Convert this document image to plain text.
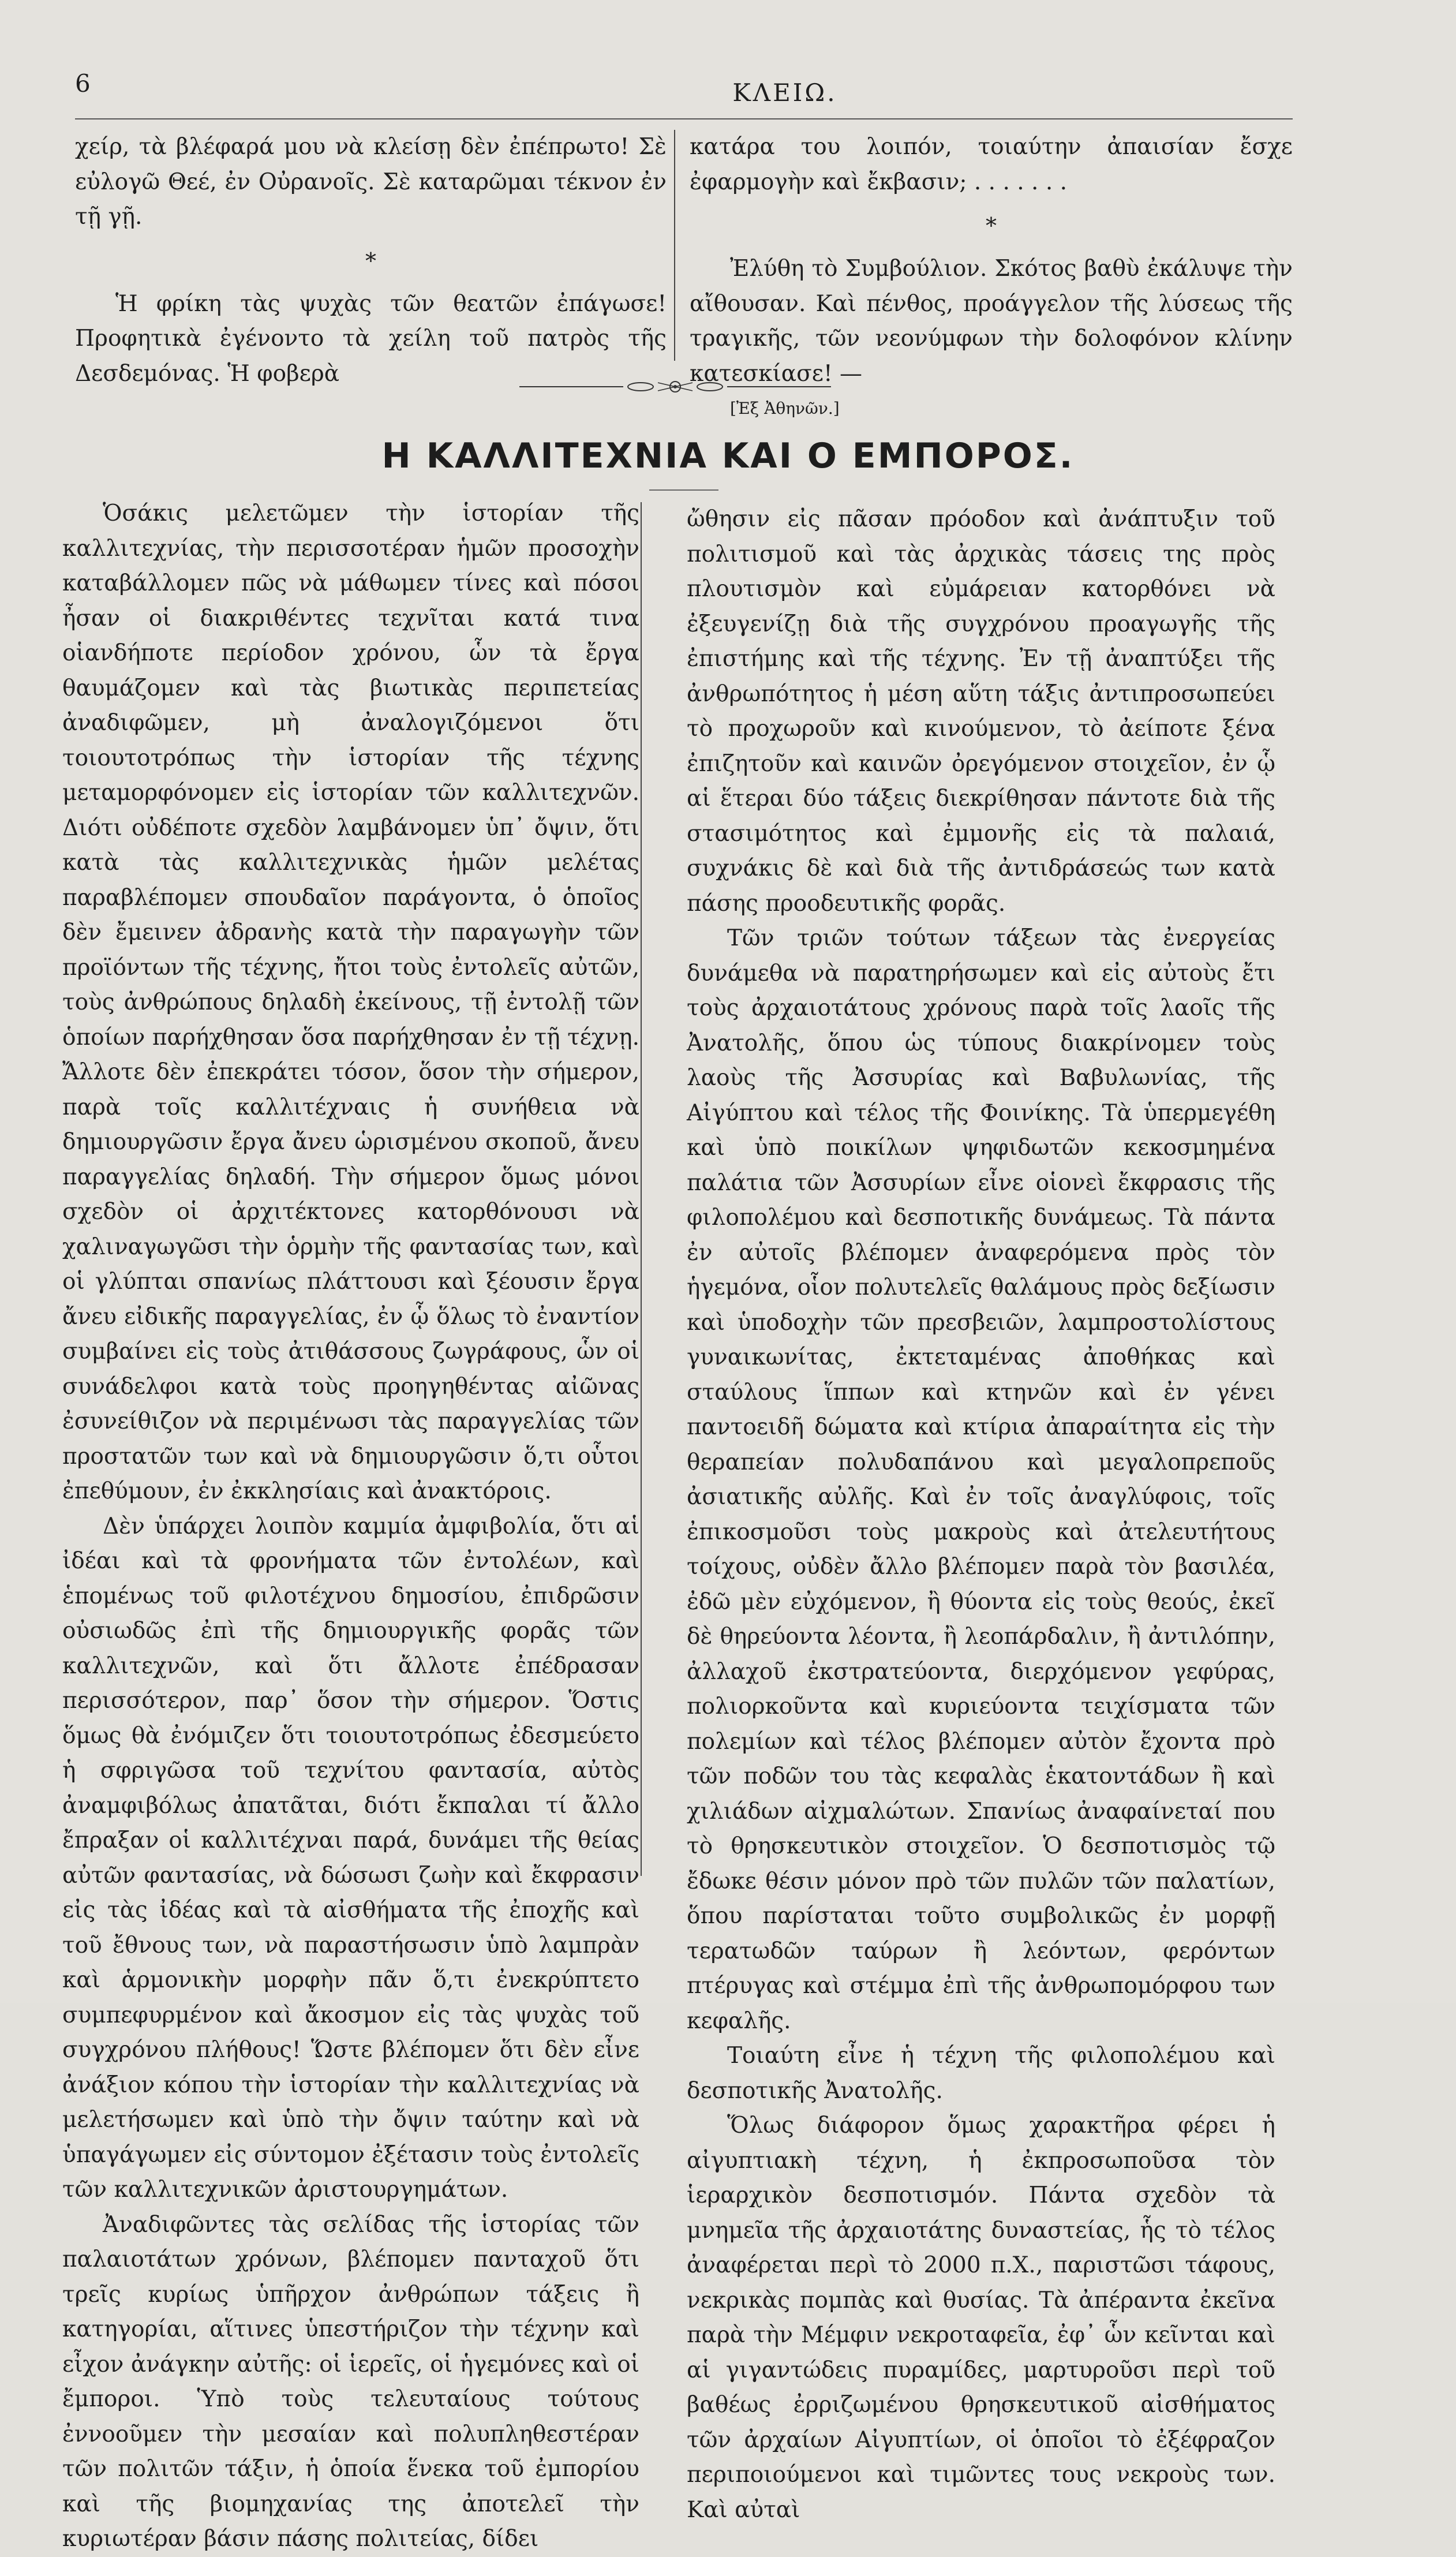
6	ΚΛΕΙΩ.

χείρ, τὰ βλέφαρά μου νὰ κλείσῃ δὲν ἐπέπρωτο! Σὲ εὐλογῶ Θεέ, ἐν Οὐρανοῖς. Σὲ καταρῶμαι τέκνον ἐν τῇ γῇ.

*

Ἡ φρίκη τὰς ψυχὰς τῶν θεατῶν ἐπάγωσε! Προφητικὰ ἐγένοντο τὰ χείλη τοῦ πατρὸς τῆς Δεσδεμόνας. Ἡ φοβερὰ

κατάρα του λοιπόν, τοιαύτην ἀπαισίαν ἔσχε ἐφαρμογὴν καὶ ἔκβασιν; . . . . . . .

*

Ἐλύθη τὸ Συμβούλιον. Σκότος βαθὺ ἐκάλυψε τὴν αἴθουσαν. Καὶ πένθος, προάγγελον τῆς λύσεως τῆς τραγικῆς, τῶν νεονύμφων τὴν δολοφόνον κλίνην κατεσκίασε! —

[Ἐξ Ἀθηνῶν.]
Η ΚΑΛΛΙΤΕΧΝΙΑ ΚΑΙ Ο ΕΜΠΟΡΟΣ.

Ὁσάκις μελετῶμεν τὴν ἱστορίαν τῆς καλλιτεχνίας, τὴν περισσοτέραν ἡμῶν προσοχὴν καταβάλλομεν πῶς νὰ μάθωμεν τίνες καὶ πόσοι ἦσαν οἱ διακριθέντες τεχνῖται κατά τινα οἱανδήποτε περίοδον χρόνου, ὧν τὰ ἔργα θαυμάζομεν καὶ τὰς βιωτικὰς περιπετείας ἀναδιφῶμεν, μὴ ἀναλογιζόμενοι ὅτι τοιουτοτρόπως τὴν ἱστορίαν τῆς τέχνης μεταμορφόνομεν εἰς ἱστορίαν τῶν καλλιτεχνῶν. Διότι οὐδέποτε σχεδὸν λαμβάνομεν ὑπ᾽ ὄψιν, ὅτι κατὰ τὰς καλλιτεχνικὰς ἡμῶν μελέτας παραβλέπομεν σπουδαῖον παράγοντα, ὁ ὁποῖος δὲν ἔμεινεν ἀδρανὴς κατὰ τὴν παραγωγὴν τῶν προϊόντων τῆς τέχνης, ἤτοι τοὺς ἐντολεῖς αὐτῶν, τοὺς ἀνθρώπους δηλαδὴ ἐκείνους, τῇ ἐντολῇ τῶν ὁποίων παρήχθησαν ὅσα παρήχθησαν ἐν τῇ τέχνῃ. Ἄλλοτε δὲν ἐπεκράτει τόσον, ὅσον τὴν σήμερον, παρὰ τοῖς καλλιτέχναις ἡ συνήθεια νὰ δημιουργῶσιν ἔργα ἄνευ ὡρισμένου σκοποῦ, ἄνευ παραγγελίας δηλαδή. Τὴν σήμερον ὅμως μόνοι σχεδὸν οἱ ἀρχιτέκτονες κατορθόνουσι νὰ χαλιναγωγῶσι τὴν ὁρμὴν τῆς φαντασίας των, καὶ οἱ γλύπται σπανίως πλάττουσι καὶ ξέουσιν ἔργα ἄνευ εἰδικῆς παραγγελίας, ἐν ᾧ ὅλως τὸ ἐναντίον συμβαίνει εἰς τοὺς ἀτιθάσσους ζωγράφους, ὧν οἱ συνάδελφοι κατὰ τοὺς προηγηθέντας αἰῶνας ἐσυνείθιζον νὰ περιμένωσι τὰς παραγγελίας τῶν προστατῶν των καὶ νὰ δημιουργῶσιν ὅ,τι οὗτοι ἐπεθύμουν, ἐν ἐκκλησίαις καὶ ἀνακτόροις.

Δὲν ὑπάρχει λοιπὸν καμμία ἀμφιβολία, ὅτι αἱ ἰδέαι καὶ τὰ φρονήματα τῶν ἐντολέων, καὶ ἑπομένως τοῦ φιλοτέχνου δημοσίου, ἐπιδρῶσιν οὐσιωδῶς ἐπὶ τῆς δημιουργικῆς φορᾶς τῶν καλλιτεχνῶν, καὶ ὅτι ἄλλοτε ἐπέδρασαν περισσότερον, παρ᾽ ὅσον τὴν σήμερον. Ὅστις ὅμως θὰ ἐνόμιζεν ὅτι τοιουτοτρόπως ἐδεσμεύετο ἡ σφριγῶσα τοῦ τεχνίτου φαντασία, αὐτὸς ἀναμφιβόλως ἀπατᾶται, διότι ἔκπαλαι τί ἄλλο ἔπραξαν οἱ καλλιτέχναι παρά, δυνάμει τῆς θείας αὐτῶν φαντασίας, νὰ δώσωσι ζωὴν καὶ ἔκφρασιν εἰς τὰς ἰδέας καὶ τὰ αἰσθήματα τῆς ἐποχῆς καὶ τοῦ ἔθνους των, νὰ παραστήσωσιν ὑπὸ λαμπρὰν καὶ ἁρμονικὴν μορφὴν πᾶν ὅ,τι ἐνεκρύπτετο συμπεφυρμένον καὶ ἄκοσμον εἰς τὰς ψυχὰς τοῦ συγχρόνου πλήθους! Ὥστε βλέπομεν ὅτι δὲν εἶνε ἀνάξιον κόπου τὴν ἱστορίαν τὴν καλλιτεχνίας νὰ μελετήσωμεν καὶ ὑπὸ τὴν ὄψιν ταύτην καὶ νὰ ὑπαγάγωμεν εἰς σύντομον ἐξέτασιν τοὺς ἐντολεῖς τῶν καλλιτεχνικῶν ἀριστουργημάτων.

Ἀναδιφῶντες τὰς σελίδας τῆς ἱστορίας τῶν παλαιοτάτων χρόνων, βλέπομεν πανταχοῦ ὅτι τρεῖς κυρίως ὑπῆρχον ἀνθρώπων τάξεις ἢ κατηγορίαι, αἵτινες ὑπεστήριζον τὴν τέχνην καὶ εἶχον ἀνάγκην αὐτῆς: οἱ ἱερεῖς, οἱ ἡγεμόνες καὶ οἱ ἔμποροι. Ὑπὸ τοὺς τελευταίους τούτους ἐννοοῦμεν τὴν μεσαίαν καὶ πολυπληθεστέραν τῶν πολιτῶν τάξιν, ἡ ὁποία ἕνεκα τοῦ ἐμπορίου καὶ τῆς βιομηχανίας της ἀποτελεῖ τὴν κυριωτέραν βάσιν πάσης πολιτείας, δίδει

ὤθησιν εἰς πᾶσαν πρόοδον καὶ ἀνάπτυξιν τοῦ πολιτισμοῦ καὶ τὰς ἀρχικὰς τάσεις της πρὸς πλουτισμὸν καὶ εὐμάρειαν κατορθόνει νὰ ἐξευγενίζῃ διὰ τῆς συγχρόνου προαγωγῆς τῆς ἐπιστήμης καὶ τῆς τέχνης. Ἐν τῇ ἀναπτύξει τῆς ἀνθρωπότητος ἡ μέση αὕτη τάξις ἀντιπροσωπεύει τὸ προχωροῦν καὶ κινούμενον, τὸ ἀείποτε ξένα ἐπιζητοῦν καὶ καινῶν ὀρεγόμενον στοιχεῖον, ἐν ᾧ αἱ ἕτεραι δύο τάξεις διεκρίθησαν πάντοτε διὰ τῆς στασιμότητος καὶ ἐμμονῆς εἰς τὰ παλαιά, συχνάκις δὲ καὶ διὰ τῆς ἀντιδράσεώς των κατὰ πάσης προοδευτικῆς φορᾶς.

Τῶν τριῶν τούτων τάξεων τὰς ἐνεργείας δυνάμεθα νὰ παρατηρήσωμεν καὶ εἰς αὐτοὺς ἔτι τοὺς ἀρχαιοτάτους χρόνους παρὰ τοῖς λαοῖς τῆς Ἀνατολῆς, ὅπου ὡς τύπους διακρίνομεν τοὺς λαοὺς τῆς Ἀσσυρίας καὶ Βαβυλωνίας, τῆς Αἰγύπτου καὶ τέλος τῆς Φοινίκης. Τὰ ὑπερμεγέθη καὶ ὑπὸ ποικίλων ψηφιδωτῶν κεκοσμημένα παλάτια τῶν Ἀσσυρίων εἶνε οἱονεὶ ἔκφρασις τῆς φιλοπολέμου καὶ δεσποτικῆς δυνάμεως. Τὰ πάντα ἐν αὐτοῖς βλέπομεν ἀναφερόμενα πρὸς τὸν ἡγεμόνα, οἷον πολυτελεῖς θαλάμους πρὸς δεξίωσιν καὶ ὑποδοχὴν τῶν πρεσβειῶν, λαμπροστολίστους γυναικωνίτας, ἐκτεταμένας ἀποθήκας καὶ σταύλους ἵππων καὶ κτηνῶν καὶ ἐν γένει παντοειδῆ δώματα καὶ κτίρια ἀπαραίτητα εἰς τὴν θεραπείαν πολυδαπάνου καὶ μεγαλοπρεποῦς ἀσιατικῆς αὐλῆς. Καὶ ἐν τοῖς ἀναγλύφοις, τοῖς ἐπικοσμοῦσι τοὺς μακροὺς καὶ ἀτελευτήτους τοίχους, οὐδὲν ἄλλο βλέπομεν παρὰ τὸν βασιλέα, ἐδῶ μὲν εὐχόμενον, ἢ θύοντα εἰς τοὺς θεούς, ἐκεῖ δὲ θηρεύοντα λέοντα, ἢ λεοπάρδαλιν, ἢ ἀντιλόπην, ἀλλαχοῦ ἐκστρατεύοντα, διερχόμενον γεφύρας, πολιορκοῦντα καὶ κυριεύοντα τειχίσματα τῶν πολεμίων καὶ τέλος βλέπομεν αὐτὸν ἔχοντα πρὸ τῶν ποδῶν του τὰς κεφαλὰς ἑκατοντάδων ἢ καὶ χιλιάδων αἰχμαλώτων. Σπανίως ἀναφαίνεταί που τὸ θρησκευτικὸν στοιχεῖον. Ὁ δεσποτισμὸς τῷ ἔδωκε θέσιν μόνον πρὸ τῶν πυλῶν τῶν παλατίων, ὅπου παρίσταται τοῦτο συμβολικῶς ἐν μορφῇ τερατωδῶν ταύρων ἢ λεόντων, φερόντων πτέρυγας καὶ στέμμα ἐπὶ τῆς ἀνθρωπομόρφου των κεφαλῆς.

Τοιαύτη εἶνε ἡ τέχνη τῆς φιλοπολέμου καὶ δεσποτικῆς Ἀνατολῆς.

Ὅλως διάφορον ὅμως χαρακτῆρα φέρει ἡ αἰγυπτιακὴ τέχνη, ἡ ἐκπροσωποῦσα τὸν ἱεραρχικὸν δεσποτισμόν. Πάντα σχεδὸν τὰ μνημεῖα τῆς ἀρχαιοτάτης δυναστείας, ἧς τὸ τέλος ἀναφέρεται περὶ τὸ 2000 π.Χ., παριστῶσι τάφους, νεκρικὰς πομπὰς καὶ θυσίας. Τὰ ἀπέραντα ἐκεῖνα παρὰ τὴν Μέμφιν νεκροταφεῖα, ἐφ᾽ ὧν κεῖνται καὶ αἱ γιγαντώδεις πυραμίδες, μαρτυροῦσι περὶ τοῦ βαθέως ἐρριζωμένου θρησκευτικοῦ αἰσθήματος τῶν ἀρχαίων Αἰγυπτίων, οἱ ὁποῖοι τὸ ἐξέφραζον περιποιούμενοι καὶ τιμῶντες τους νεκροὺς των. Καὶ αὐταὶ
